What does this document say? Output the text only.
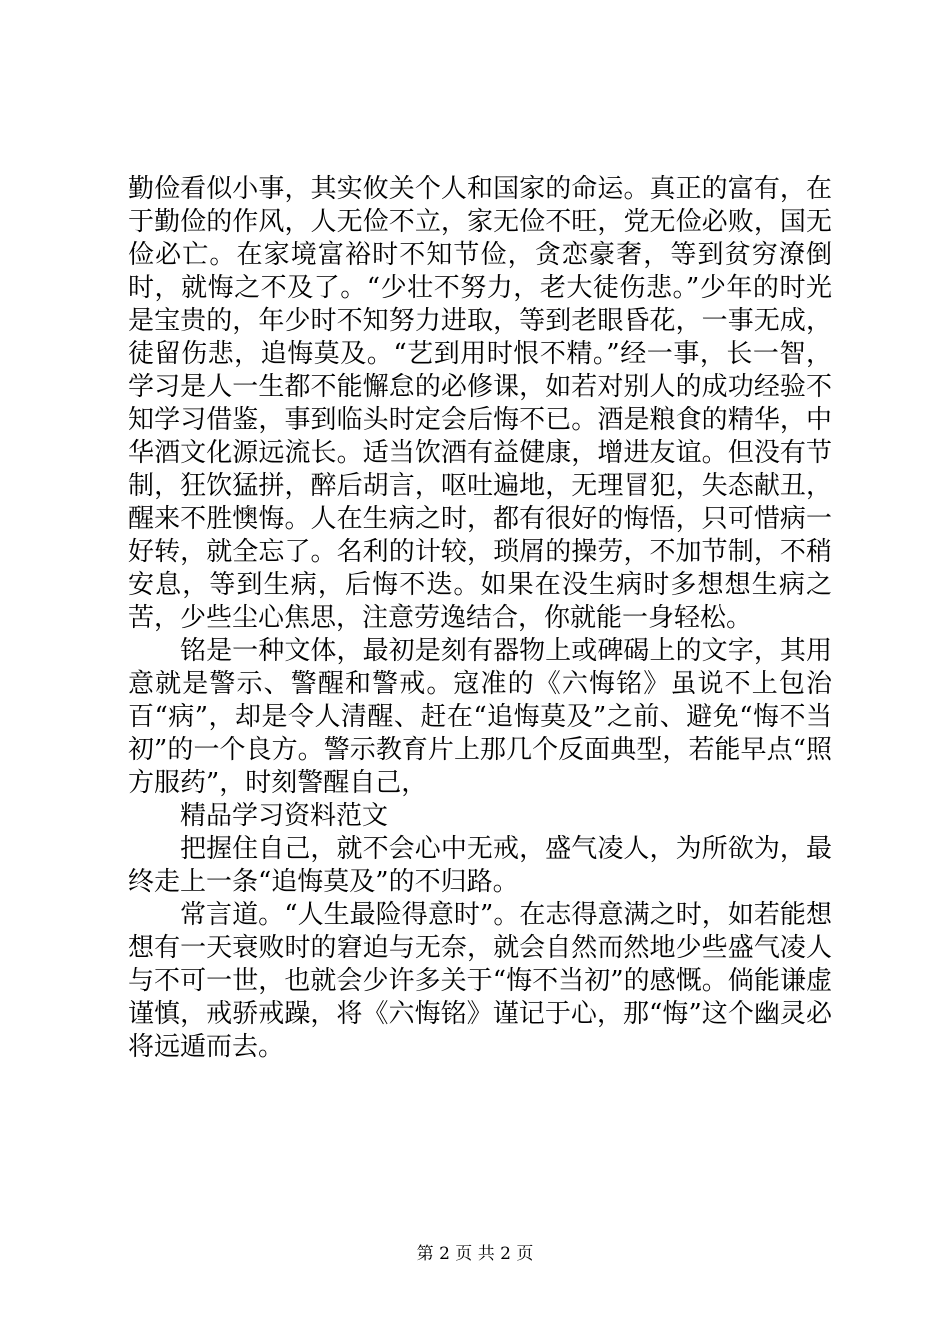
勤俭看似小事，其实攸关个人和国家的命运。真正的富有，在于勤俭的作风，人无俭不立，家无俭不旺，党无俭必败，国无俭必亡。在家境富裕时不知节俭，贪恋豪奢，等到贫穷潦倒时，就悔之不及了。“少壮不努力，老大徒伤悲。”少年的时光是宝贵的，年少时不知努力进取，等到老眼昏花，一事无成，徒留伤悲，追悔莫及。“艺到用时恨不精。”经一事，长一智，学习是人一生都不能懈怠的必修课，如若对别人的成功经验不知学习借鉴，事到临头时定会后悔不已。酒是粮食的精华，中华酒文化源远流长。适当饮酒有益健康，增进友谊。但没有节制，狂饮猛拼，醉后胡言，呕吐遍地，无理冒犯，失态献丑，醒来不胜懊悔。人在生病之时，都有很好的悔悟，只可惜病一好转，就全忘了。名利的计较，琐屑的操劳，不加节制，不稍安息，等到生病，后悔不迭。如果在没生病时多想想生病之苦，少些尘心焦思，注意劳逸结合，你就能一身轻松。

铭是一种文体，最初是刻有器物上或碑碣上的文字，其用意就是警示、警醒和警戒。寇准的《六悔铭》虽说不上包治百“病”，却是令人清醒、赶在“追悔莫及”之前、避免“悔不当初”的一个良方。警示教育片上那几个反面典型，若能早点“照方服药”，时刻警醒自己，

精品学习资料范文

把握住自己，就不会心中无戒，盛气凌人，为所欲为，最终走上一条“追悔莫及”的不归路。

常言道。“人生最险得意时”。在志得意满之时，如若能想想有一天衰败时的窘迫与无奈，就会自然而然地少些盛气凌人与不可一世，也就会少许多关于“悔不当初”的感慨。倘能谦虚谨慎，戒骄戒躁，将《六悔铭》谨记于心，那“悔”这个幽灵必将远遁而去。

第 2 页 共 2 页
